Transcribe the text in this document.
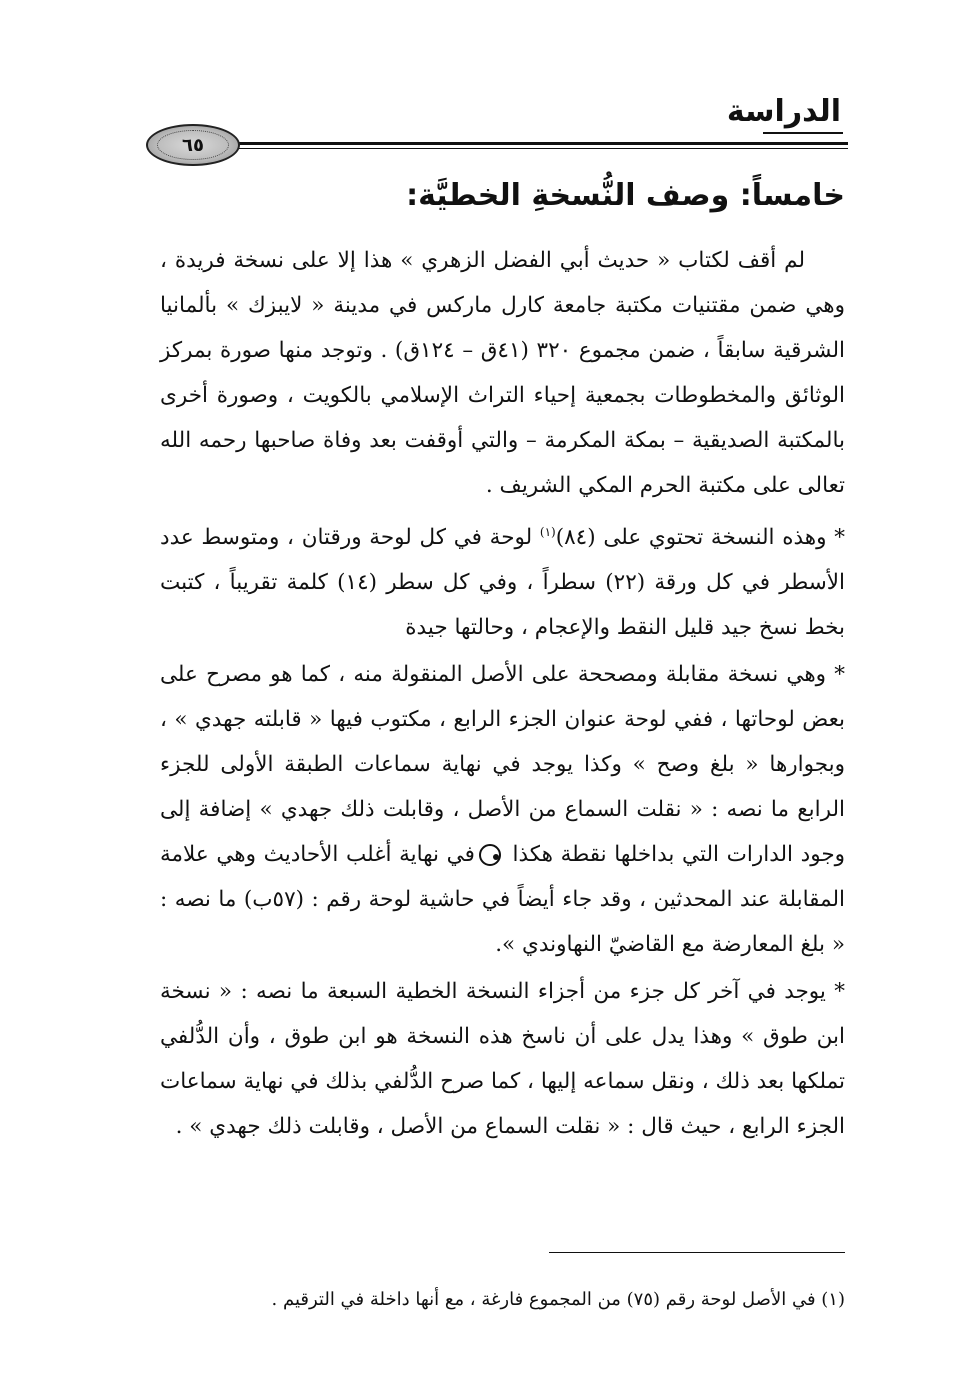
الدراسة
٦٥
خامساً: وصف النُّسخةِ الخطيَّة:

لم أقف لكتاب « حديث أبي الفضل الزهري » هذا إلا على نسخة فريدة ، وهي ضمن مقتنيات مكتبة جامعة كارل ماركس في مدينة « لايبزك » بألمانيا الشرقية سابقاً ، ضمن مجموع ٣٢٠ (٤١ق – ١٢٤ق) . وتوجد منها صورة بمركز الوثائق والمخطوطات بجمعية إحياء التراث الإسلامي بالكويت ، وصورة أخرى بالمكتبة الصديقية – بمكة المكرمة – والتي أوقفت بعد وفاة صاحبها رحمه الله تعالى على مكتبة الحرم المكي الشريف .

* وهذه النسخة تحتوي على (٨٤)$^{(١)}$ لوحة في كل لوحة ورقتان ، ومتوسط عدد الأسطر في كل ورقة (٢٢) سطراً ، وفي كل سطر (١٤) كلمة تقريباً ، كتبت بخط نسخ جيد قليل النقط والإعجام ، وحالتها جيدة

* وهي نسخة مقابلة ومصححة على الأصل المنقولة منه ، كما هو مصرح على بعض لوحاتها ، ففي لوحة عنوان الجزء الرابع ، مكتوب فيها « قابلته جهدي » ، وبجوارها « بلغ وصح » وكذا يوجد في نهاية سماعات الطبقة الأولى للجزء الرابع ما نصه : « نقلت السماع من الأصل ، وقابلت ذلك جهدي » إضافة إلى وجود الدارات التي بداخلها نقطة هكذا في نهاية أغلب الأحاديث وهي علامة المقابلة عند المحدثين ، وقد جاء أيضاً في حاشية لوحة رقم : (٥٧ب) ما نصه : « بلغ المعارضة مع القاضيّ النهاوندي ».

* يوجد في آخر كل جزء من أجزاء النسخة الخطية السبعة ما نصه : « نسخة ابن طوق » وهذا يدل على أن ناسخ هذه النسخة هو ابن طوق ، وأن الدُّلفي تملكها بعد ذلك ، ونقل سماعه إليها ، كما صرح الدُّلفي بذلك في نهاية سماعات الجزء الرابع ، حيث قال : « نقلت السماع من الأصل ، وقابلت ذلك جهدي » .

(١) في الأصل لوحة رقم (٧٥) من المجموع فارغة ، مع أنها داخلة في الترقيم .
